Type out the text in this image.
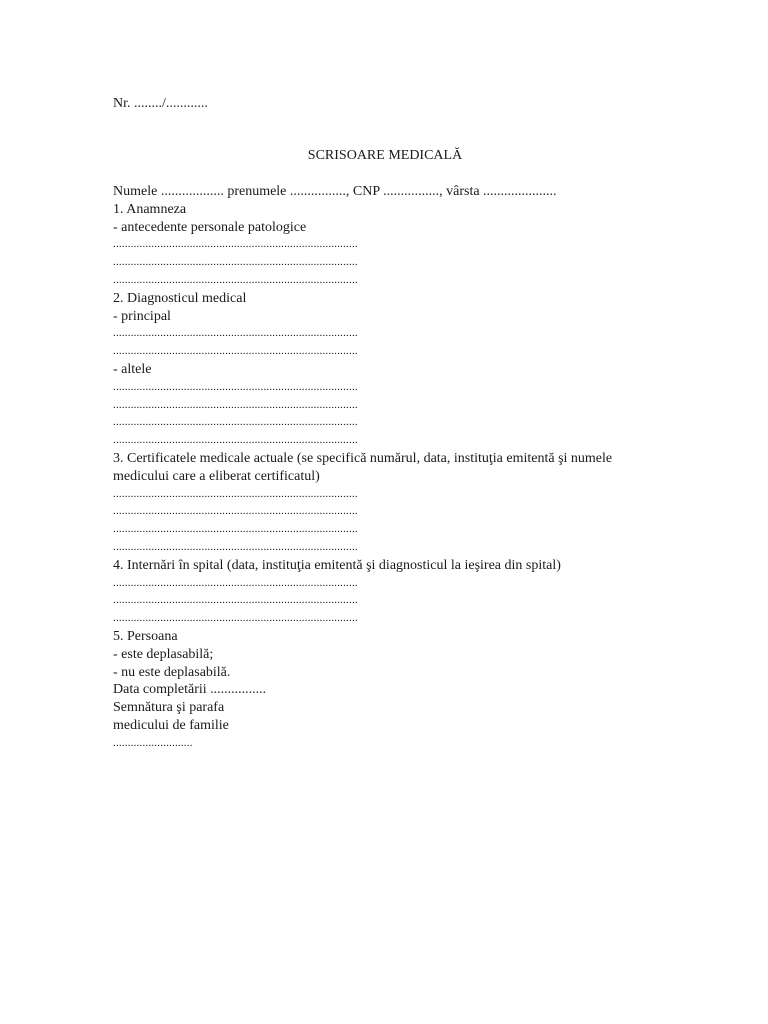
Nr. ......../............
SCRISOARE MEDICALĂ
Numele .................. prenumele ................, CNP ................, vârsta .....................
1. Anamneza
- antecedente personale patologice
...................................................................................
...................................................................................
...................................................................................
2. Diagnosticul medical
- principal
...................................................................................
...................................................................................
- altele
...................................................................................
...................................................................................
...................................................................................
...................................................................................
3. Certificatele medicale actuale (se specifică numărul, data, instituţia emitentă şi numele
medicului care a eliberat certificatul)
...................................................................................
...................................................................................
...................................................................................
...................................................................................
4. Internări în spital (data, instituţia emitentă şi diagnosticul la ieşirea din spital)
...................................................................................
...................................................................................
...................................................................................
5. Persoana
- este deplasabilă;
- nu este deplasabilă.
Data completării ................
Semnătura şi parafa
medicului de familie
...........................
